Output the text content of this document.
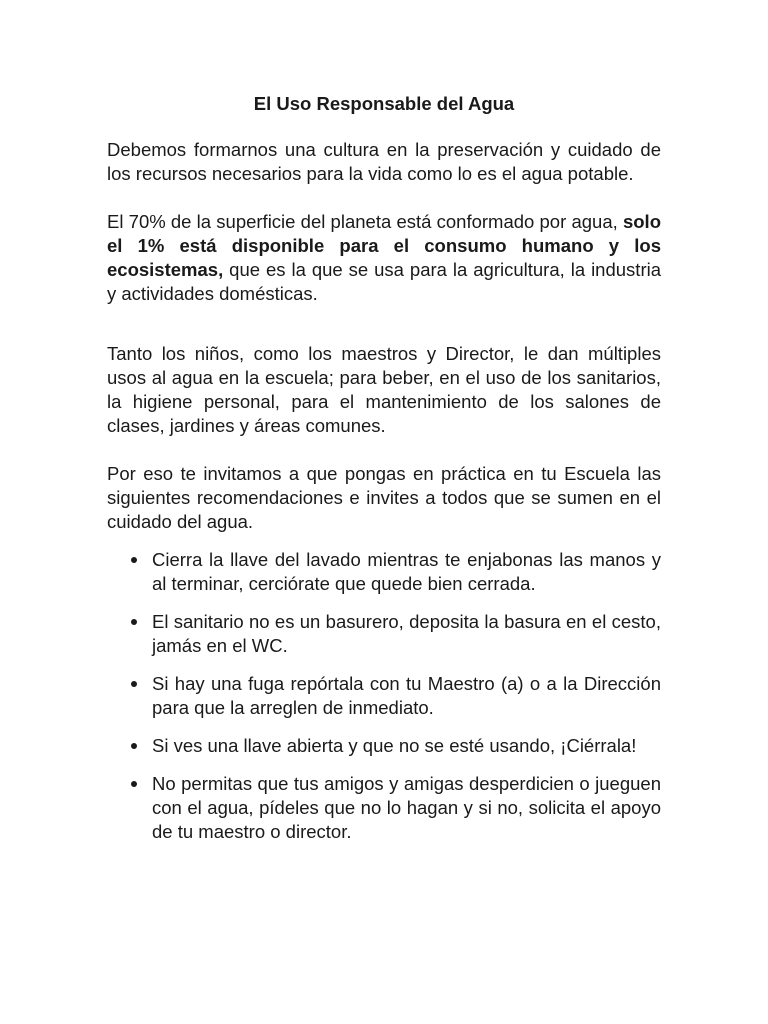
El Uso Responsable del Agua

Debemos formarnos una cultura en la preservación y cuidado de los recursos necesarios para la vida como lo es el agua potable.

El 70% de la superficie del planeta está conformado por agua, solo el 1% está disponible para el consumo humano y los ecosistemas, que es la que se usa para la agricultura, la industria y actividades domésticas.

Tanto los niños, como los maestros y Director, le dan múltiples usos al agua en la escuela; para beber, en el uso de los sanitarios, la higiene personal, para el mantenimiento de los salones de clases, jardines y áreas comunes.

Por eso te invitamos a que pongas en práctica en tu Escuela las siguientes recomendaciones e invites a todos que se sumen en el cuidado del agua.

Cierra la llave del lavado mientras te enjabonas las manos y al terminar, cerciórate que quede bien cerrada.
El sanitario no es un basurero, deposita la basura en el cesto, jamás en el WC.
Si hay una fuga repórtala con tu Maestro (a) o a la Dirección para que la arreglen de inmediato.
Si ves una llave abierta y que no se esté usando, ¡Ciérrala!
No permitas que tus amigos y amigas desperdicien o jueguen con el agua, pídeles que no lo hagan y si no, solicita el apoyo de tu maestro o director.
